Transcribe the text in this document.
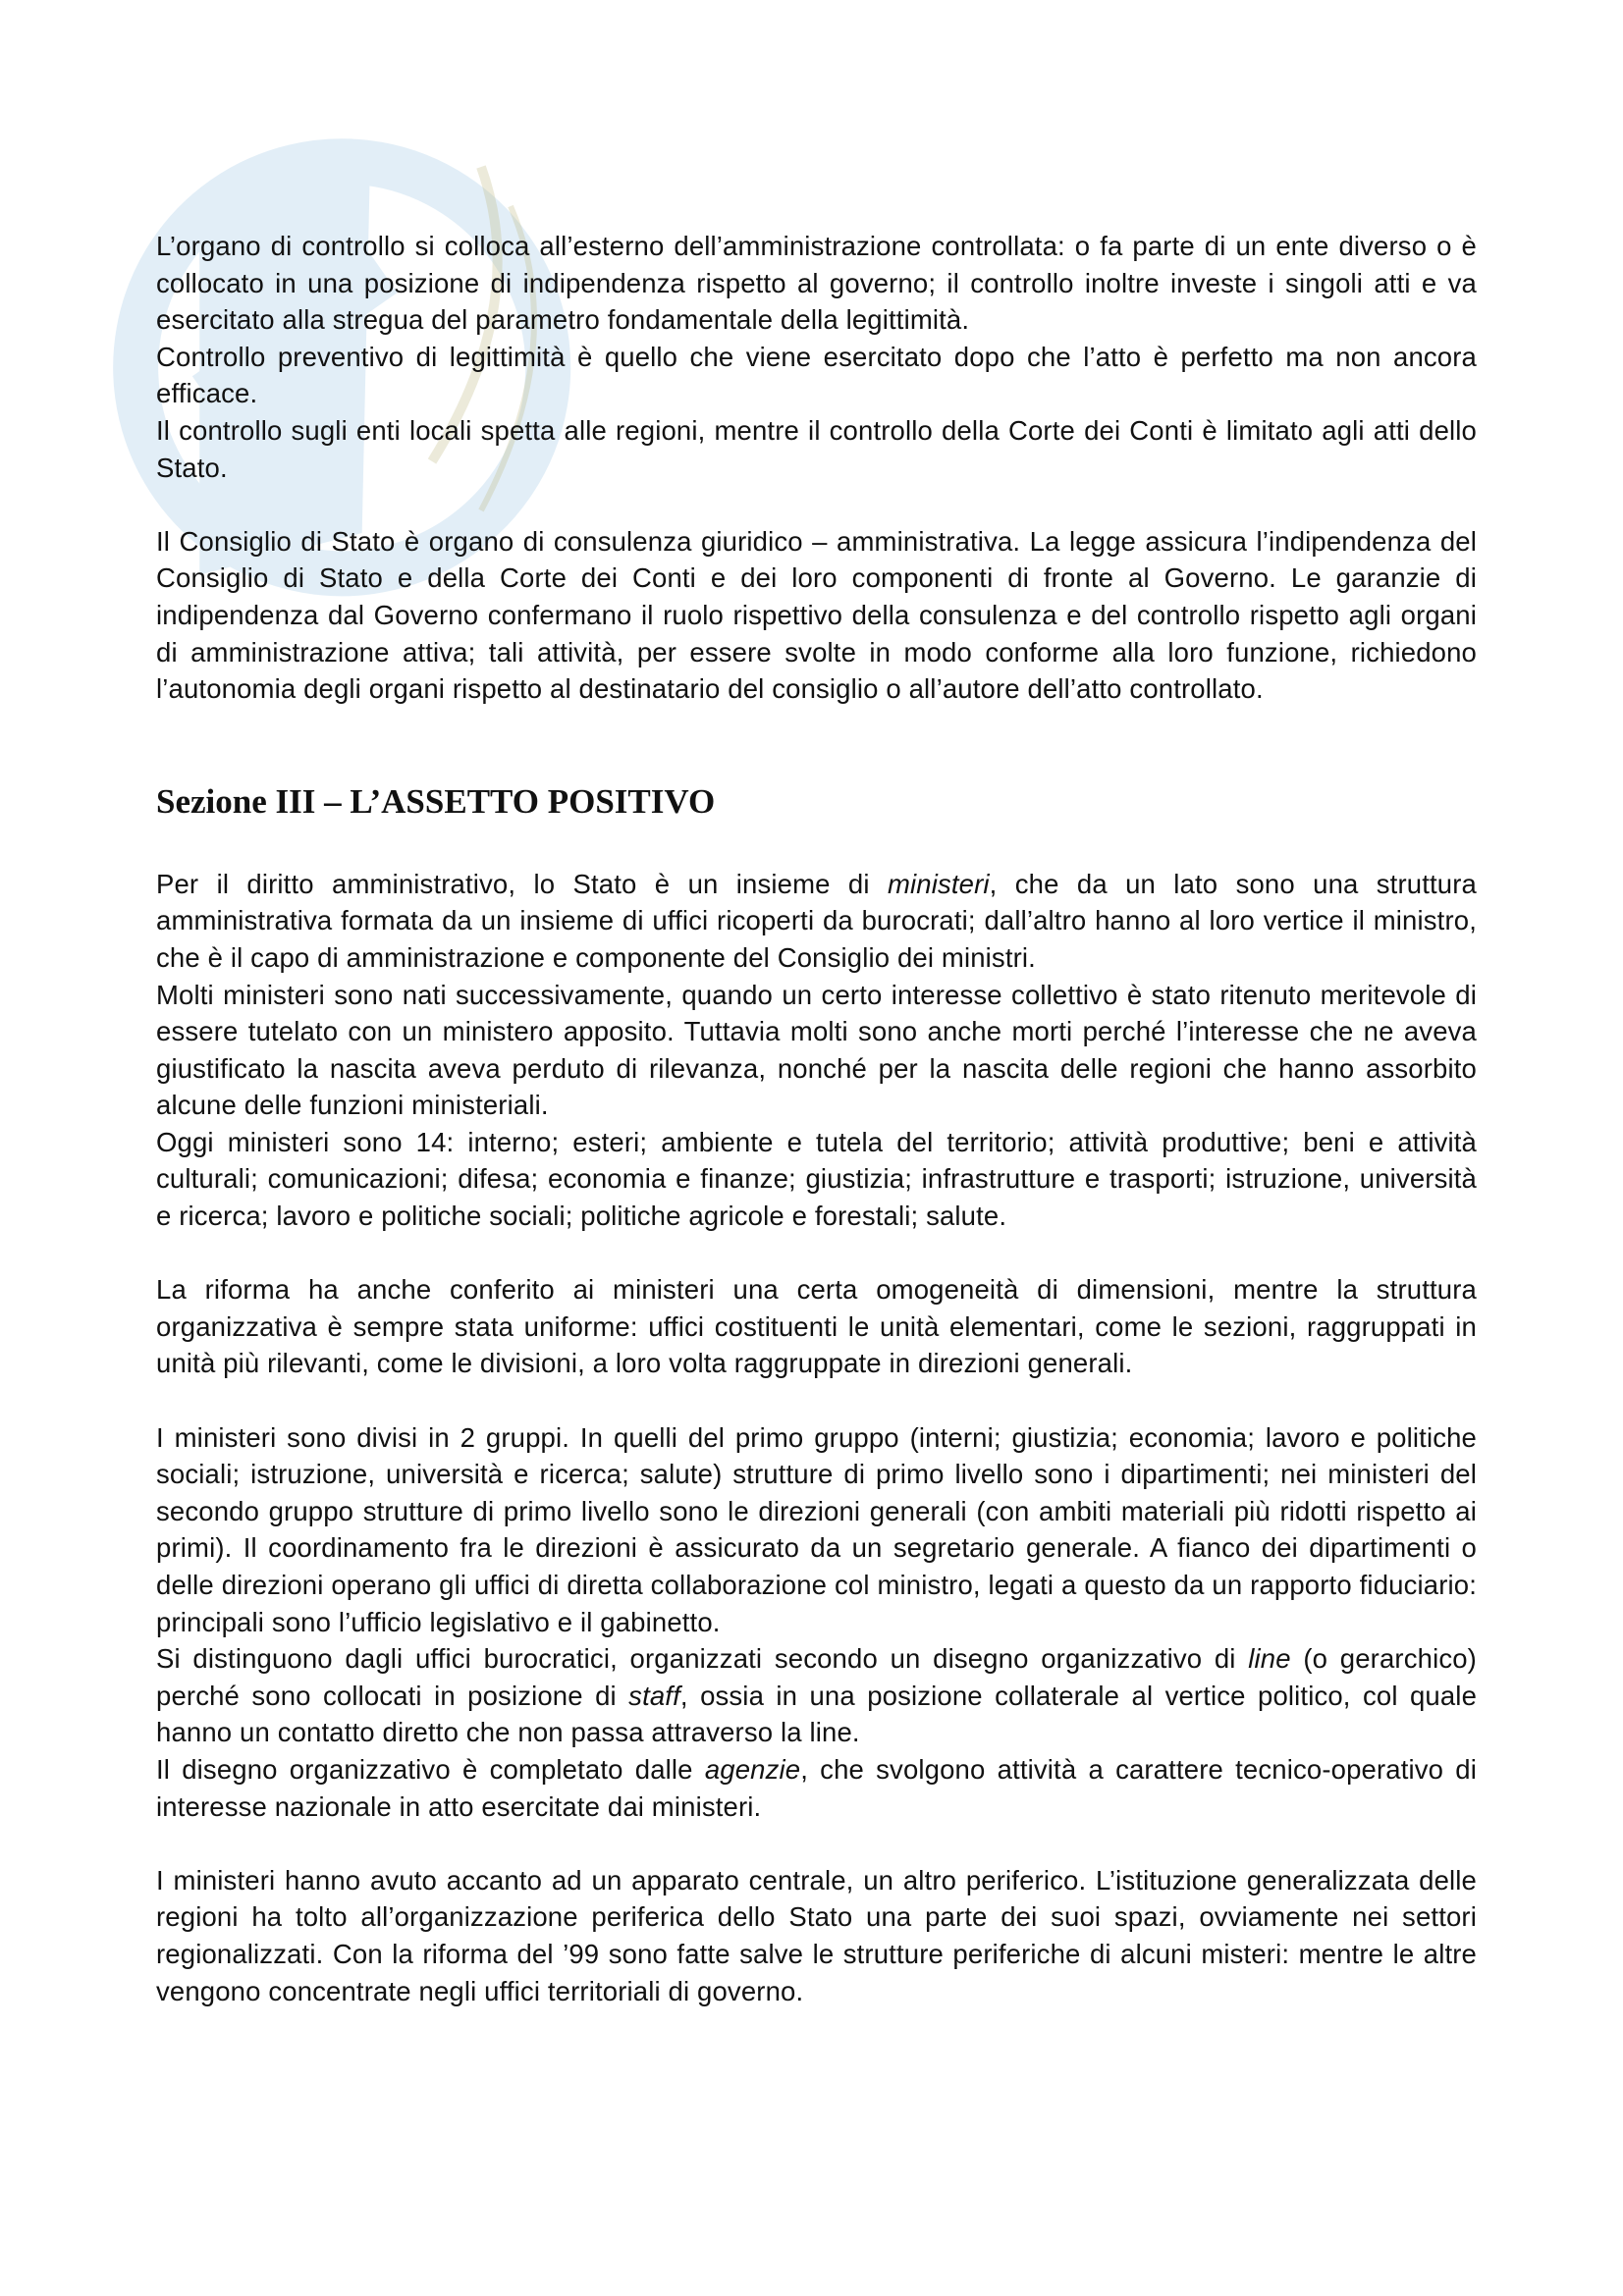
L’organo di controllo si colloca all’esterno dell’amministrazione controllata: o fa parte di un ente diverso o è collocato in una posizione di indipendenza rispetto al governo; il controllo inoltre investe i singoli atti e va esercitato alla stregua del parametro fondamentale della legittimità.

Controllo preventivo di legittimità è quello che viene esercitato dopo che l’atto è perfetto ma non ancora efficace.

Il controllo sugli enti locali spetta alle regioni, mentre il controllo della Corte dei Conti è limitato agli atti dello Stato.

Il Consiglio di Stato è organo di consulenza giuridico – amministrativa. La legge assicura l’indipendenza del Consiglio di Stato e della Corte dei Conti e dei loro componenti di fronte al Governo. Le garanzie di indipendenza dal Governo confermano il ruolo rispettivo della consulenza e del controllo rispetto agli organi di amministrazione attiva; tali attività, per essere svolte in modo conforme alla loro funzione, richiedono l’autonomia degli organi rispetto al destinatario del consiglio o all’autore dell’atto controllato.

Sezione III – L’ASSETTO POSITIVO

Per il diritto amministrativo, lo Stato è un insieme di ministeri, che da un lato sono una struttura amministrativa formata da un insieme di uffici ricoperti da burocrati; dall’altro hanno al loro vertice il ministro, che è il capo di amministrazione e componente del Consiglio dei ministri.

Molti ministeri sono nati successivamente, quando un certo interesse collettivo è stato ritenuto meritevole di essere tutelato con un ministero apposito. Tuttavia molti sono anche morti perché l’interesse che ne aveva giustificato la nascita aveva perduto di rilevanza, nonché per la nascita delle regioni che hanno assorbito alcune delle funzioni ministeriali.

Oggi ministeri sono 14: interno; esteri; ambiente e tutela del territorio; attività produttive; beni e attività culturali; comunicazioni; difesa; economia e finanze; giustizia; infrastrutture e trasporti; istruzione, università e ricerca; lavoro e politiche sociali; politiche agricole e forestali; salute.

La riforma ha anche conferito ai ministeri una certa omogeneità di dimensioni, mentre la struttura organizzativa è sempre stata uniforme: uffici costituenti le unità elementari, come le sezioni, raggruppati in unità più rilevanti, come le divisioni, a loro volta raggruppate in direzioni generali.

I ministeri sono divisi in 2 gruppi. In quelli del primo gruppo (interni; giustizia; economia; lavoro e politiche sociali; istruzione, università e ricerca; salute) strutture di primo livello sono i dipartimenti; nei ministeri del secondo gruppo strutture di primo livello sono le direzioni generali (con ambiti materiali più ridotti rispetto ai primi). Il coordinamento fra le direzioni è assicurato da un segretario generale. A fianco dei dipartimenti o delle direzioni operano gli uffici di diretta collaborazione col ministro, legati a questo da un rapporto fiduciario: principali sono l’ufficio legislativo e il gabinetto.

Si distinguono dagli uffici burocratici, organizzati secondo un disegno organizzativo di line (o gerarchico) perché sono collocati in posizione di staff, ossia in una posizione collaterale al vertice politico, col quale hanno un contatto diretto che non passa attraverso la line.

Il disegno organizzativo è completato dalle agenzie, che svolgono attività a carattere tecnico-operativo di interesse nazionale in atto esercitate dai ministeri.

I ministeri hanno avuto accanto ad un apparato centrale, un altro periferico. L’istituzione generalizzata delle regioni ha tolto all’organizzazione periferica dello Stato una parte dei suoi spazi, ovviamente nei settori regionalizzati. Con la riforma del ’99 sono fatte salve le strutture periferiche di alcuni misteri: mentre le altre vengono concentrate negli uffici territoriali di governo.
